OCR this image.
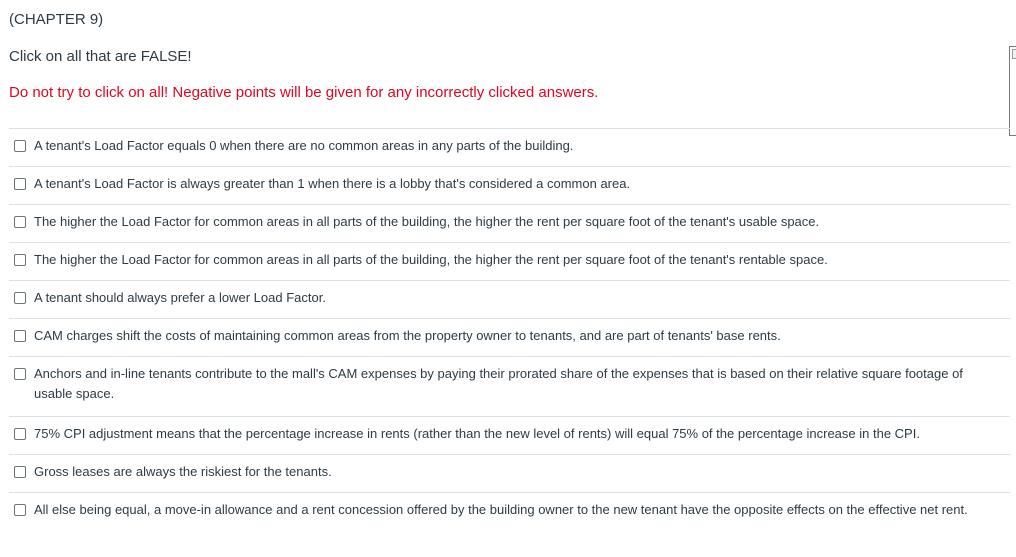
(CHAPTER 9)
Click on all that are FALSE!
Do not try to click on all! Negative points will be given for any incorrectly clicked answers.
A tenant's Load Factor equals 0 when there are no common areas in any parts of the building.
A tenant's Load Factor is always greater than 1 when there is a lobby that's considered a common area.
The higher the Load Factor for common areas in all parts of the building, the higher the rent per square foot of the tenant's usable space.
The higher the Load Factor for common areas in all parts of the building, the higher the rent per square foot of the tenant's rentable space.
A tenant should always prefer a lower Load Factor.
CAM charges shift the costs of maintaining common areas from the property owner to tenants, and are part of tenants' base rents.
Anchors and in-line tenants contribute to the mall's CAM expenses by paying their prorated share of the expenses that is based on their relative square footage of usable space.
75% CPI adjustment means that the percentage increase in rents (rather than the new level of rents) will equal 75% of the percentage increase in the CPI.
Gross leases are always the riskiest for the tenants.
All else being equal, a move-in allowance and a rent concession offered by the building owner to the new tenant have the opposite effects on the effective net rent.
